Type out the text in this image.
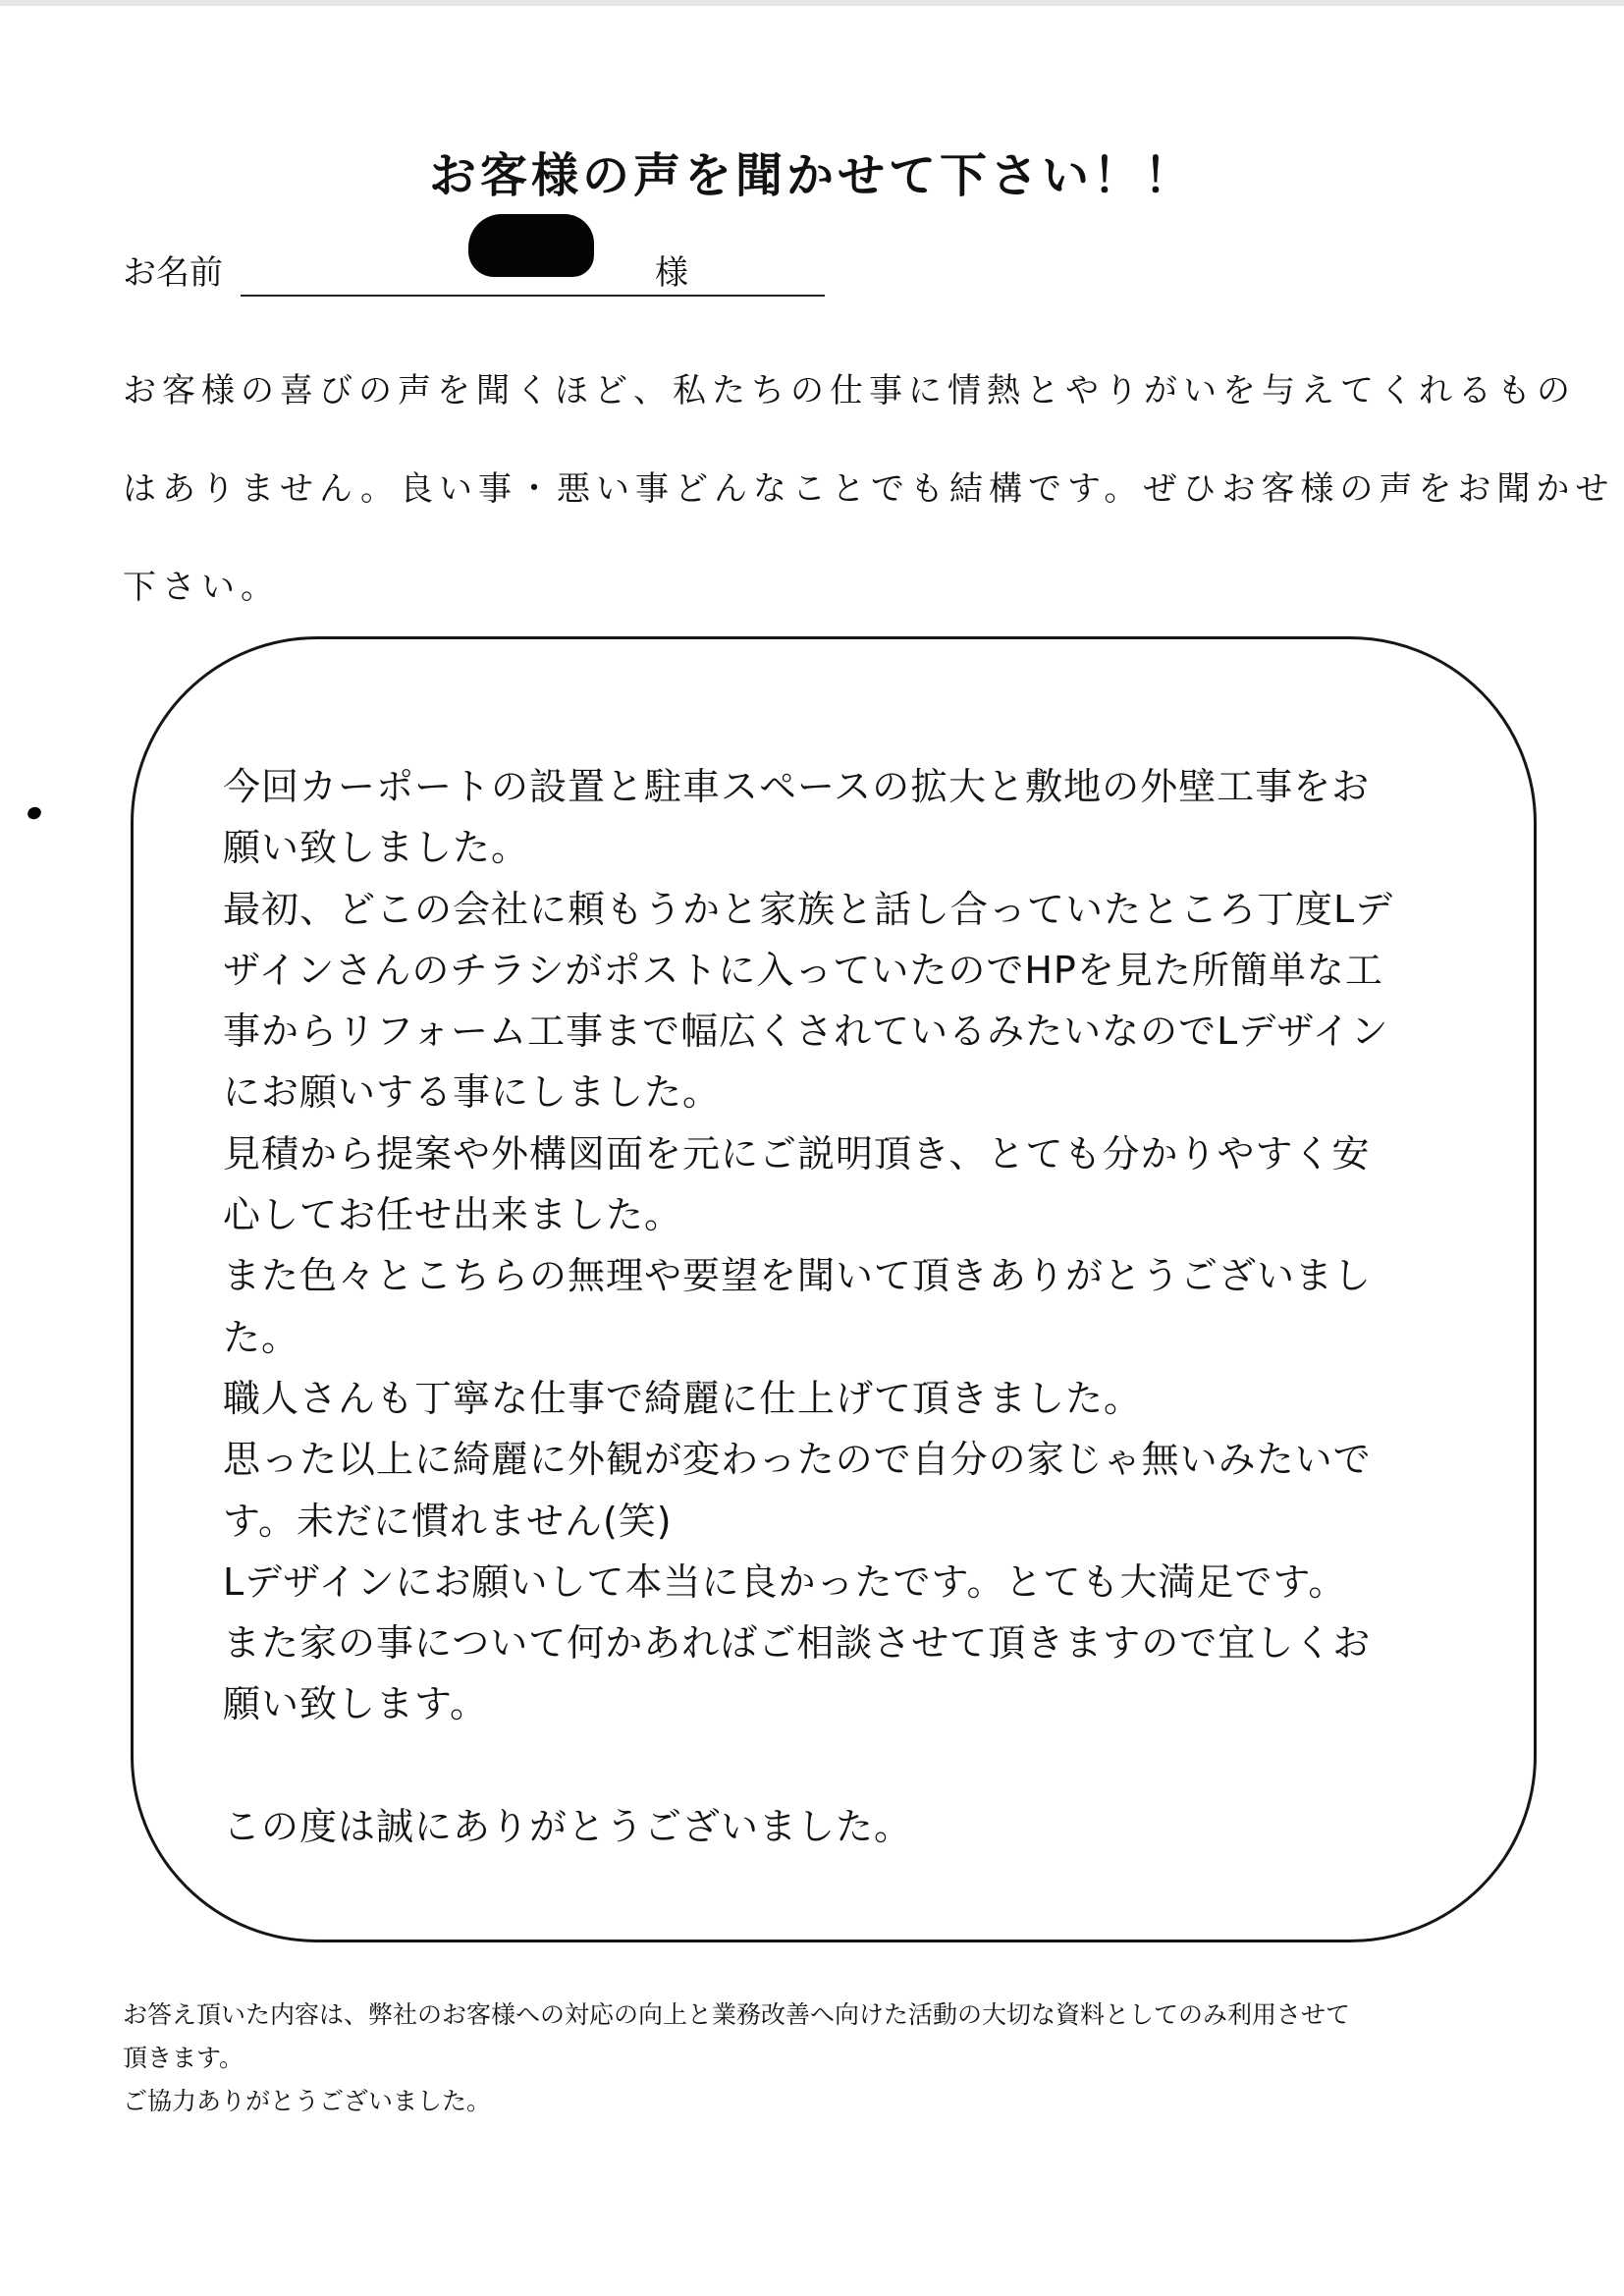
お客様の声を聞かせて下さい！！
お名前	様
お客様の喜びの声を聞くほど、私たちの仕事に情熱とやりがいを与えてくれるもの
はありません。良い事・悪い事どんなことでも結構です。ぜひお客様の声をお聞かせ
下さい。
今回カーポートの設置と駐車スペースの拡大と敷地の外壁工事をお
願い致しました。
最初、どこの会社に頼もうかと家族と話し合っていたところ丁度Lデ
ザインさんのチラシがポストに入っていたのでHPを見た所簡単な工
事からリフォーム工事まで幅広くされているみたいなのでLデザイン
にお願いする事にしました。
見積から提案や外構図面を元にご説明頂き、とても分かりやすく安
心してお任せ出来ました。
また色々とこちらの無理や要望を聞いて頂きありがとうございまし
た。
職人さんも丁寧な仕事で綺麗に仕上げて頂きました。
思った以上に綺麗に外観が変わったので自分の家じゃ無いみたいで
す。未だに慣れません(笑)
Lデザインにお願いして本当に良かったです。とても大満足です。
また家の事について何かあればご相談させて頂きますので宜しくお
願い致します。
この度は誠にありがとうございました。
お答え頂いた内容は、弊社のお客様への対応の向上と業務改善へ向けた活動の大切な資料としてのみ利用させて
頂きます。
ご協力ありがとうございました。
